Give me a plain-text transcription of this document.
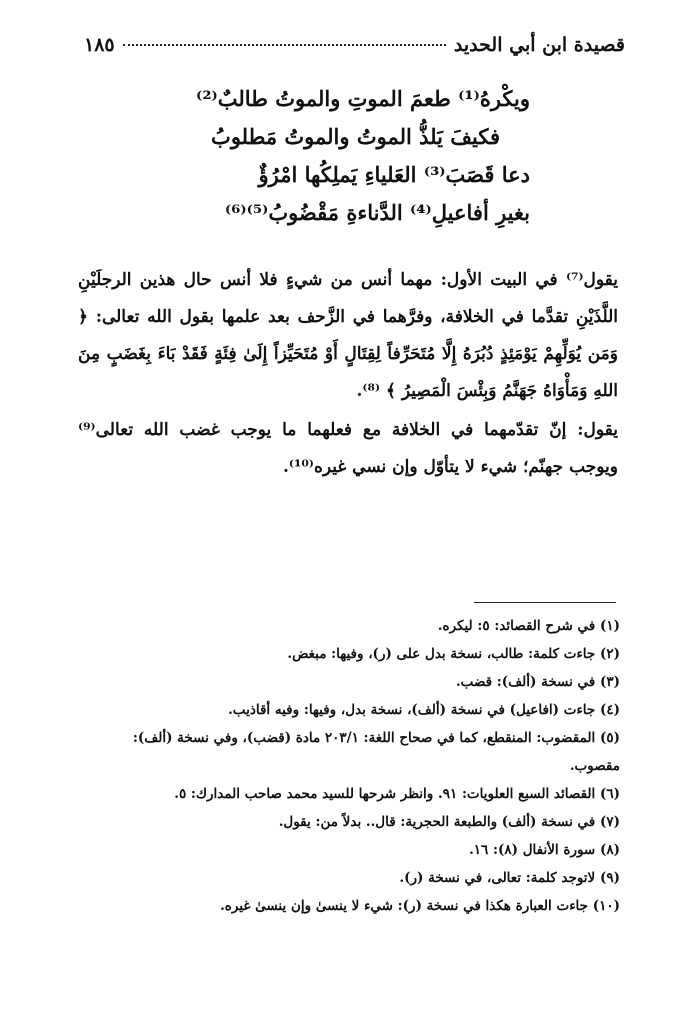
١٨٥	قصيدة ابن أبي الحديد
ويكْرهُ⁽¹⁾ طعمَ الموتِ والموتُ طالبٌ⁽²⁾
فكيفَ يَلذُّ الموتُ والموتُ مَطلوبُ
دعا قَصَبَ⁽³⁾ العَلياءِ يَملِكُها امْرُؤٌ
بغيرِ أفاعيلِ⁽⁴⁾ الدَّناءةِ مَقْضُوبُ⁽⁵⁾⁽⁶⁾

يقول⁽⁷⁾ في البيت الأول: مهما أنس من شيءٍ فلا أنس حال هذين الرجلَيْنِ اللَّذَيْنِ تقدَّما في الخلافة، وفرَّهما في الزَّحف بعد علمها بقول الله تعالى: ﴿ وَمَن يُوَلِّهِمْ يَوْمَئِذٍ دُبُرَهُ إِلَّا مُتَحَرِّفاً لِقِتَالٍ أَوْ مُتَحَيِّزاً إِلَىٰ فِئَةٍ فَقَدْ بَاءَ بِغَضَبٍ مِنَ اللهِ وَمَأْوَاهُ جَهَنَّمُ وَبِئْسَ الْمَصِيرُ ﴾ ⁽⁸⁾.

يقول: إنّ تقدّمهما في الخلافة مع فعلهما ما يوجب غضب الله تعالى⁽⁹⁾ ويوجب جهنّم؛ شيء لا يتأوّل وإن نسي غيره⁽¹⁰⁾.

(١) في شرح القصائد: ٥: ليكره.

(٢) جاءت كلمة: طالب، نسخة بدل على (ر)، وفيها: مبغض.

(٣) في نسخة (ألف): قضب.

(٤) جاءت (افاعيل) في نسخة (ألف)، نسخة بدل، وفيها: وفيه أقاذيب.

(٥) المقضوب: المنقطع، كما في صحاح اللغة: ٢٠٣/١ مادة (قضب)، وفي نسخة (ألف): مقصوب.

(٦) القصائد السبع العلويات: ٩١. وانظر شرحها للسيد محمد صاحب المدارك: ٥.

(٧) في نسخة (ألف) والطبعة الحجرية: قال.. بدلاً من: يقول.

(٨) سورة الأنفال (٨): ١٦.

(٩) لاتوجد كلمة: تعالى، في نسخة (ر).

(١٠) جاءت العبارة هكذا في نسخة (ر): شيء لا ينسىٰ وإن ينسىٰ غيره.
